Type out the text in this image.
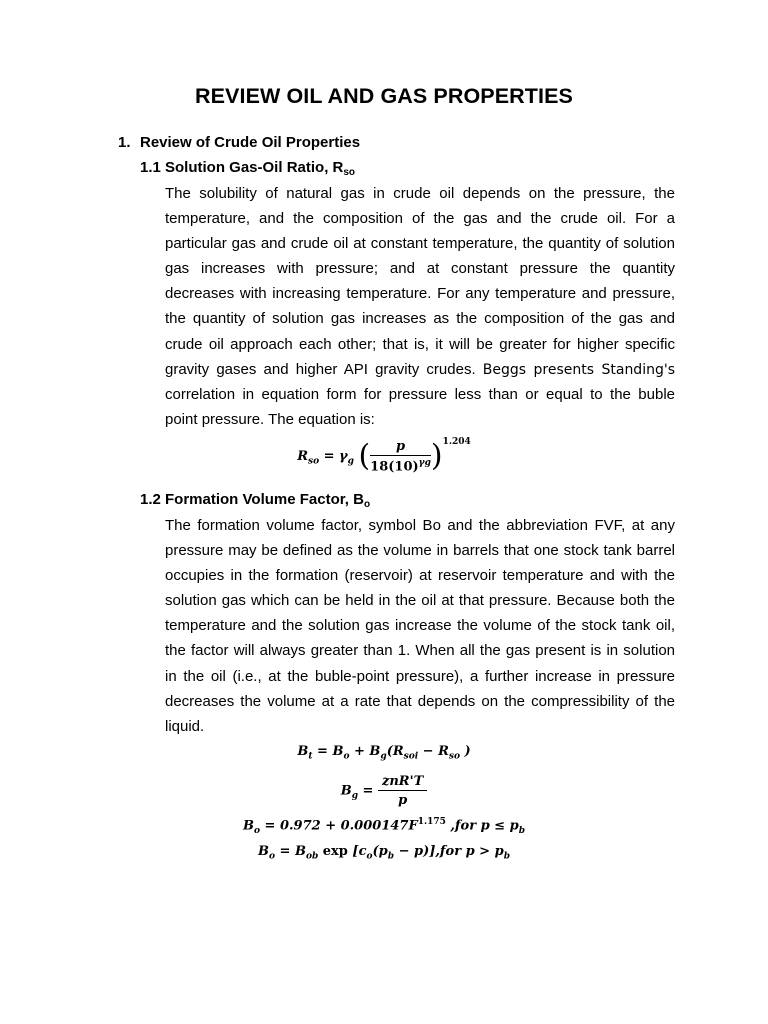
REVIEW OIL AND GAS PROPERTIES
1. Review of Crude Oil Properties
1.1 Solution Gas-Oil Ratio, $R_{so}$
The solubility of natural gas in crude oil depends on the pressure, the
temperature, and the composition of the gas and the crude oil. For a
particular gas and crude oil at constant temperature, the quantity of solution
gas increases with pressure; and at constant pressure the quantity
decreases with increasing temperature. For any temperature and pressure,
the quantity of solution gas increases as the composition of the gas and
crude oil approach each other; that is, it will be greater for higher specific
gravity gases and higher API gravity crudes. Beggs presents Standing's
correlation in equation form for pressure less than or equal to the buble
point pressure. The equation is:
$R_{so} = \gamma_g$ ( $\frac{p}{18(10)^{\gamma g}} )^{1.204}$
1.2 Formation Volume Factor, $B_o$
The formation volume factor, symbol Bo and the abbreviation FVF, at any
pressure may be defined as the volume in barrels that one stock tank barrel
occupies in the formation (reservoir) at reservoir temperature and with the
solution gas which can be held in the oil at that pressure. Because both the
temperature and the solution gas increase the volume of the stock tank oil,
the factor will always greater than 1. When all the gas present is in solution
in the oil (i.e., at the buble-point pressure), a further increase in pressure
decreases the volume at a rate that depends on the compressibility of the
liquid.
$B_t = B_o + B_g(R_{soi} - R_{so}$ )
$B_g = \frac{\text{znR'T}}{p}$
$B_o = 0.972 + 0.000147F^{1.175}$ ,for $p \le p_b$
$B_o = B_{ob}$ $\exp [c_o(p_b - p)],for$ $p > p_b$
